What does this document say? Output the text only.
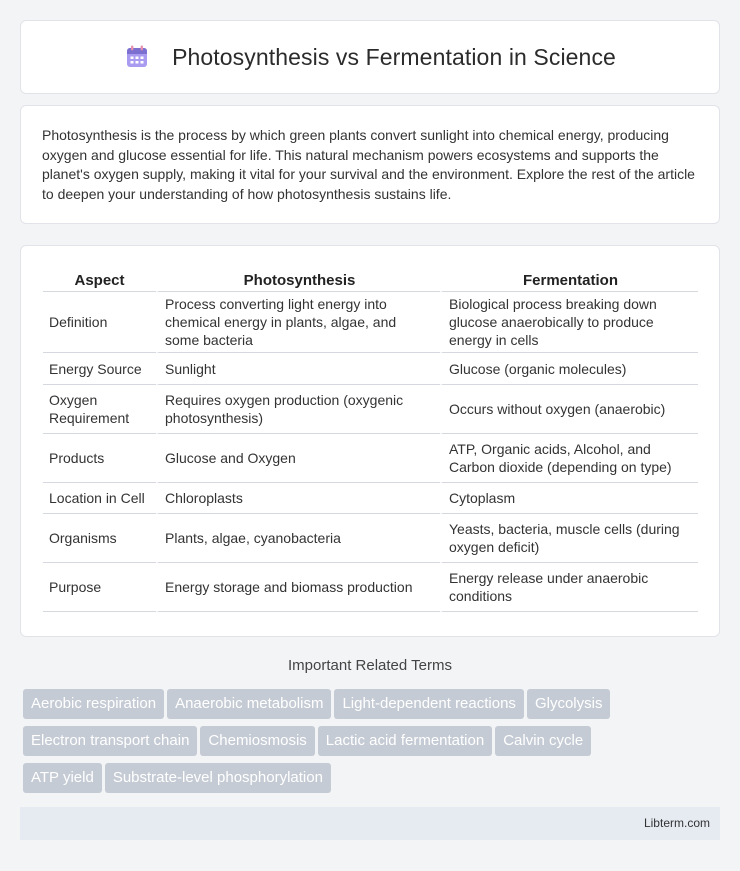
Photosynthesis vs Fermentation in Science

Photosynthesis is the process by which green plants convert sunlight into chemical energy, producing oxygen and glucose essential for life. This natural mechanism powers ecosystems and supports the planet's oxygen supply, making it vital for your survival and the environment. Explore the rest of the article to deepen your understanding of how photosynthesis sustains life.

Aspect	Photosynthesis	Fermentation
Definition	Process converting light energy into chemical energy in plants, algae, and some bacteria	Biological process breaking down glucose anaerobically to produce energy in cells
Energy Source	Sunlight	Glucose (organic molecules)
Oxygen Requirement	Requires oxygen production (oxygenic photosynthesis)	Occurs without oxygen (anaerobic)
Products	Glucose and Oxygen	ATP, Organic acids, Alcohol, and Carbon dioxide (depending on type)
Location in Cell	Chloroplasts	Cytoplasm
Organisms	Plants, algae, cyanobacteria	Yeasts, bacteria, muscle cells (during oxygen deficit)
Purpose	Energy storage and biomass production	Energy release under anaerobic conditions
Important Related Terms
Aerobic respiration Anaerobic metabolism Light-dependent reactions Glycolysis
Electron transport chain Chemiosmosis Lactic acid fermentation Calvin cycle
ATP yield Substrate-level phosphorylation
Libterm.com
